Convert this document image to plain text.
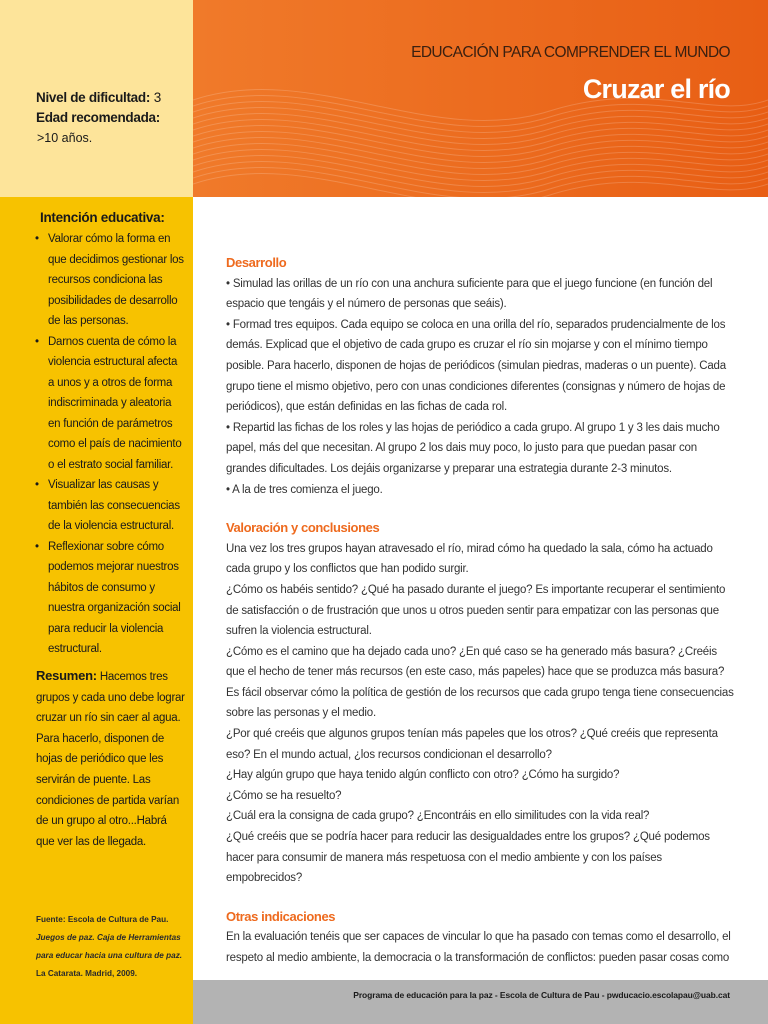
Nivel de dificultad: 3
Edad recomendada:
>10 años.
Intención educativa:
• Valorar cómo la forma en que decidimos gestionar los recursos condiciona las posibilidades de desarrollo de las personas.
• Darnos cuenta de cómo la violencia estructural afecta a unos y a otros de forma indiscriminada y aleatoria en función de parámetros como el país de nacimiento o el estrato social familiar.
• Visualizar las causas y también las consecuencias de la violencia estructural.
• Reflexionar sobre cómo podemos mejorar nuestros hábitos de consumo y nuestra organización social para reducir la violencia estructural.
Resumen: Hacemos tres grupos y cada uno debe lograr cruzar un río sin caer al agua. Para hacerlo, disponen de hojas de periódico que les servirán de puente. Las condiciones de partida varían de un grupo al otro...Habrá que ver las de llegada.
Fuente: Escola de Cultura de Pau. Juegos de paz. Caja de Herramientas para educar hacia una cultura de paz. La Catarata. Madrid, 2009.
EDUCACIÓN PARA COMPRENDER EL MUNDO
Cruzar el río
Desarrollo

• Simulad las orillas de un río con una anchura suficiente para que el juego funcione (en función del espacio que tengáis y el número de personas que seáis).

• Formad tres equipos. Cada equipo se coloca en una orilla del río, separados prudencialmente de los demás. Explicad que el objetivo de cada grupo es cruzar el río sin mojarse y con el mínimo tiempo posible. Para hacerlo, disponen de hojas de periódicos (simulan piedras, maderas o un puente). Cada grupo tiene el mismo objetivo, pero con unas condiciones diferentes (consignas y número de hojas de periódicos), que están definidas en las fichas de cada rol.

• Repartid las fichas de los roles y las hojas de periódico a cada grupo. Al grupo 1 y 3 les dais mucho papel, más del que necesitan. Al grupo 2 los dais muy poco, lo justo para que puedan pasar con grandes dificultades. Los dejáis organizarse y preparar una estrategia durante 2-3 minutos.

• A la de tres comienza el juego.

Valoración y conclusiones

Una vez los tres grupos hayan atravesado el río, mirad cómo ha quedado la sala, cómo ha actuado cada grupo y los conflictos que han podido surgir.

¿Cómo os habéis sentido? ¿Qué ha pasado durante el juego? Es importante recuperar el sentimiento de satisfacción o de frustración que unos u otros pueden sentir para empatizar con las personas que sufren la violencia estructural.

¿Cómo es el camino que ha dejado cada uno? ¿En qué caso se ha generado más basura? ¿Creéis que el hecho de tener más recursos (en este caso, más papeles) hace que se produzca más basura?

Es fácil observar cómo la política de gestión de los recursos que cada grupo tenga tiene consecuencias sobre las personas y el medio.

¿Por qué creéis que algunos grupos tenían más papeles que los otros? ¿Qué creéis que representa eso? En el mundo actual, ¿los recursos condicionan el desarrollo?

¿Hay algún grupo que haya tenido algún conflicto con otro? ¿Cómo ha surgido?

¿Cómo se ha resuelto?

¿Cuál era la consigna de cada grupo? ¿Encontráis en ello similitudes con la vida real?

¿Qué creéis que se podría hacer para reducir las desigualdades entre los grupos? ¿Qué podemos hacer para consumir de manera más respetuosa con el medio ambiente y con los países empobrecidos?

Otras indicaciones

En la evaluación tenéis que ser capaces de vincular lo que ha pasado con temas como el desarrollo, el respeto al medio ambiente, la democracia o la transformación de conflictos: pueden pasar cosas como

Programa de educación para la paz - Escola de Cultura de Pau - pwducacio.escolapau@uab.cat
